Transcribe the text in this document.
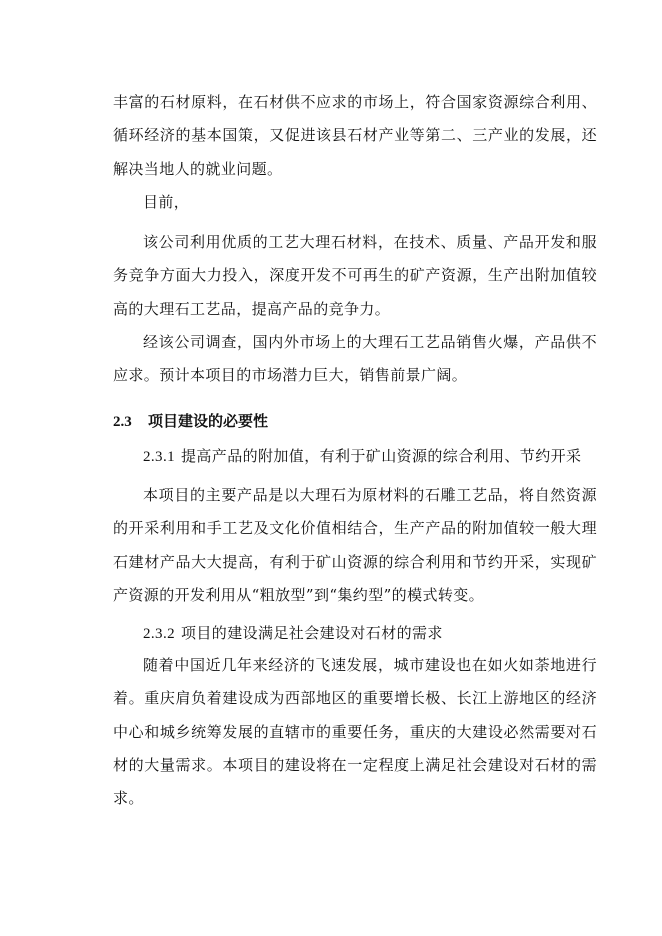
丰富的石材原料，在石材供不应求的市场上，符合国家资源综合利用、循环经济的基本国策，又促进该县石材产业等第二、三产业的发展，还解决当地人的就业问题。

目前，

该公司利用优质的工艺大理石材料，在技术、质量、产品开发和服务竞争方面大力投入，深度开发不可再生的矿产资源，生产出附加值较高的大理石工艺品，提高产品的竞争力。

经该公司调查，国内外市场上的大理石工艺品销售火爆，产品供不应求。预计本项目的市场潜力巨大，销售前景广阔。

2.3 项目建设的必要性
2.3.1 提高产品的附加值，有利于矿山资源的综合利用、节约开采

本项目的主要产品是以大理石为原材料的石雕工艺品，将自然资源的开采利用和手工艺及文化价值相结合，生产产品的附加值较一般大理石建材产品大大提高，有利于矿山资源的综合利用和节约开采，实现矿产资源的开发利用从“粗放型”到“集约型”的模式转变。

2.3.2 项目的建设满足社会建设对石材的需求

随着中国近几年来经济的飞速发展，城市建设也在如火如荼地进行着。重庆肩负着建设成为西部地区的重要增长极、长江上游地区的经济中心和城乡统筹发展的直辖市的重要任务，重庆的大建设必然需要对石材的大量需求。本项目的建设将在一定程度上满足社会建设对石材的需求。
